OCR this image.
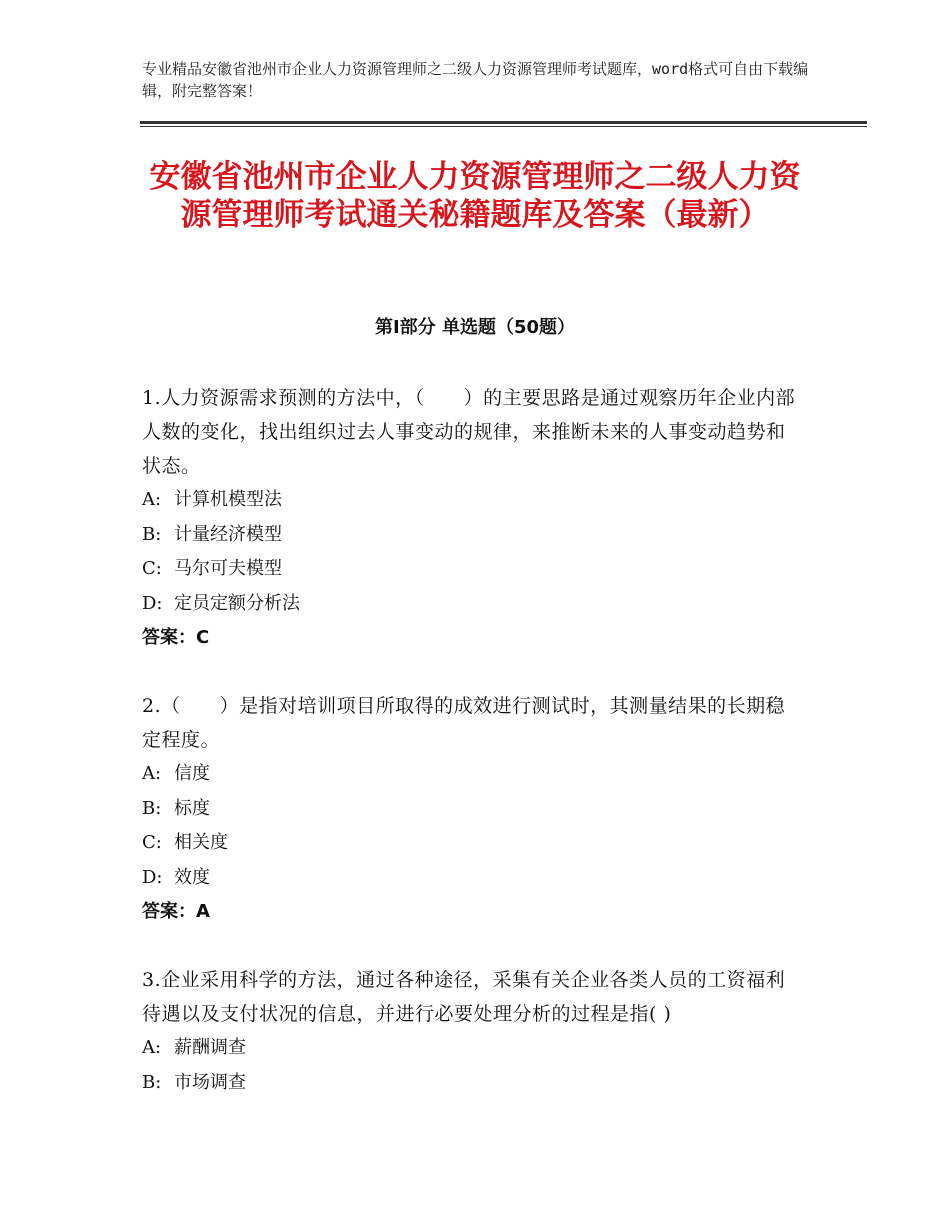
专业精品安徽省池州市企业人力资源管理师之二级人力资源管理师考试题库，word格式可自由下载编辑，附完整答案！
安徽省池州市企业人力资源管理师之二级人力资源管理师考试通关秘籍题库及答案（最新）
第Ⅰ部分 单选题（50题）

1.人力资源需求预测的方法中，（　　）的主要思路是通过观察历年企业内部人数的变化，找出组织过去人事变动的规律，来推断未来的人事变动趋势和状态。

A: 计算机模型法

B: 计量经济模型

C: 马尔可夫模型

D: 定员定额分析法

答案：C

2.（　　）是指对培训项目所取得的成效进行测试时，其测量结果的长期稳定程度。

A: 信度

B: 标度

C: 相关度

D: 效度

答案：A

3.企业采用科学的方法，通过各种途径，采集有关企业各类人员的工资福利待遇以及支付状况的信息，并进行必要处理分析的过程是指( )

A: 薪酬调查

B: 市场调查
